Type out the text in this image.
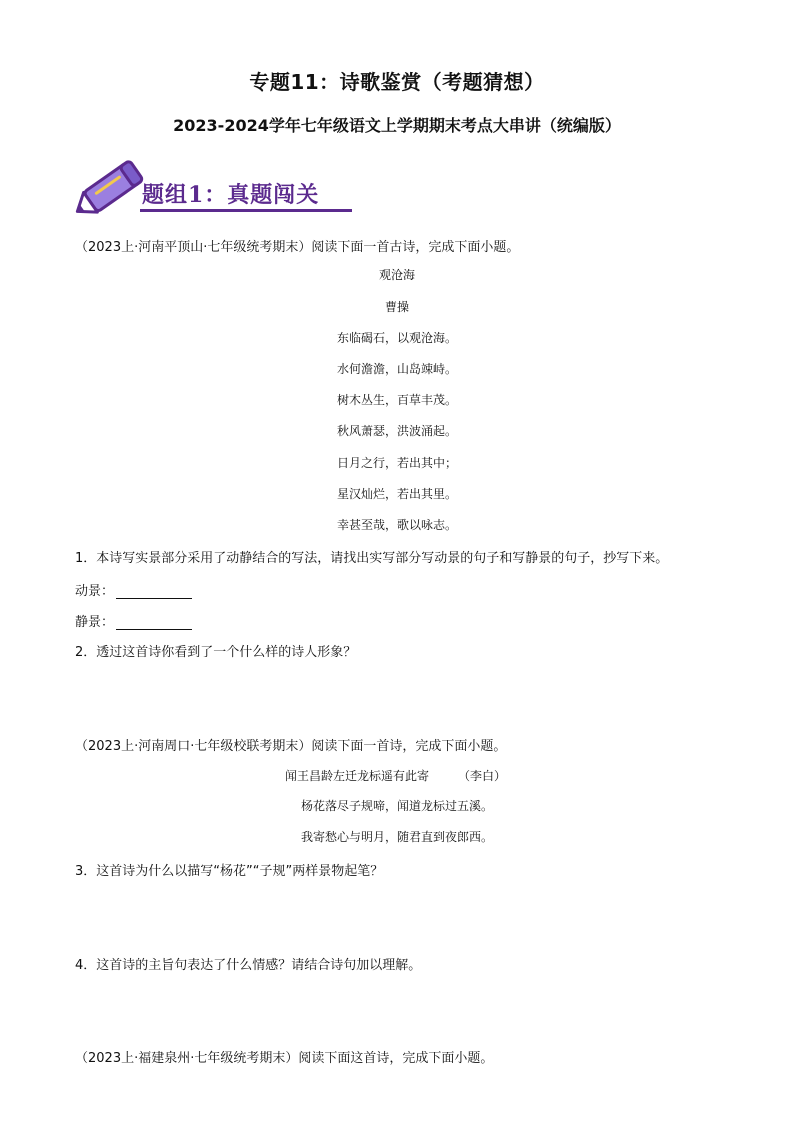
专题11：诗歌鉴赏（考题猜想）
2023-2024学年七年级语文上学期期末考点大串讲（统编版）
题组1：真题闯关
（2023上·河南平顶山·七年级统考期末）阅读下面一首古诗，完成下面小题。
观沧海
曹操
东临碣石，以观沧海。
水何澹澹，山岛竦峙。
树木丛生，百草丰茂。
秋风萧瑟，洪波涌起。
日月之行，若出其中；
星汉灿烂，若出其里。
幸甚至哉，歌以咏志。
1．本诗写实景部分采用了动静结合的写法，请找出实写部分写动景的句子和写静景的句子，抄写下来。
动景：
静景：
2．透过这首诗你看到了一个什么样的诗人形象？
（2023上·河南周口·七年级校联考期末）阅读下面一首诗，完成下面小题。
闻王昌龄左迁龙标遥有此寄 （李白）
杨花落尽子规啼，闻道龙标过五溪。
我寄愁心与明月，随君直到夜郎西。
3．这首诗为什么以描写“杨花”“子规”两样景物起笔？
4．这首诗的主旨句表达了什么情感？请结合诗句加以理解。
（2023上·福建泉州·七年级统考期末）阅读下面这首诗，完成下面小题。
